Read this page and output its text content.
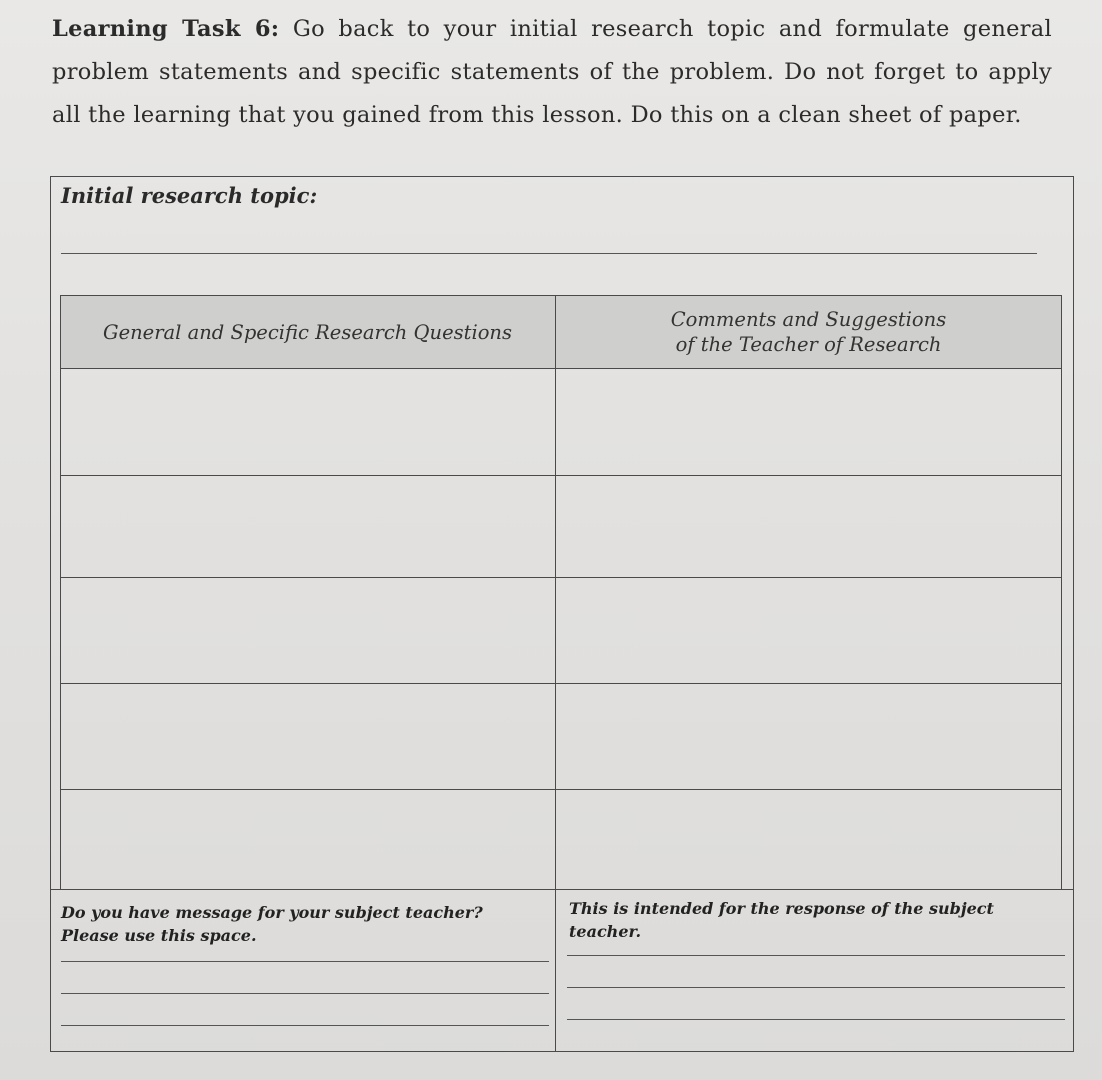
Learning Task 6: Go back to your initial research topic and formulate general problem statements and specific statements of the problem. Do not forget to apply all the learning that you gained from this lesson. Do this on a clean sheet of paper.
Initial research topic:
General and Specific Research Questions
Comments and Suggestions
of the Teacher of Research
Do you have message for your subject teacher?
Please use this space.
This is intended for the response of the subject
teacher.
